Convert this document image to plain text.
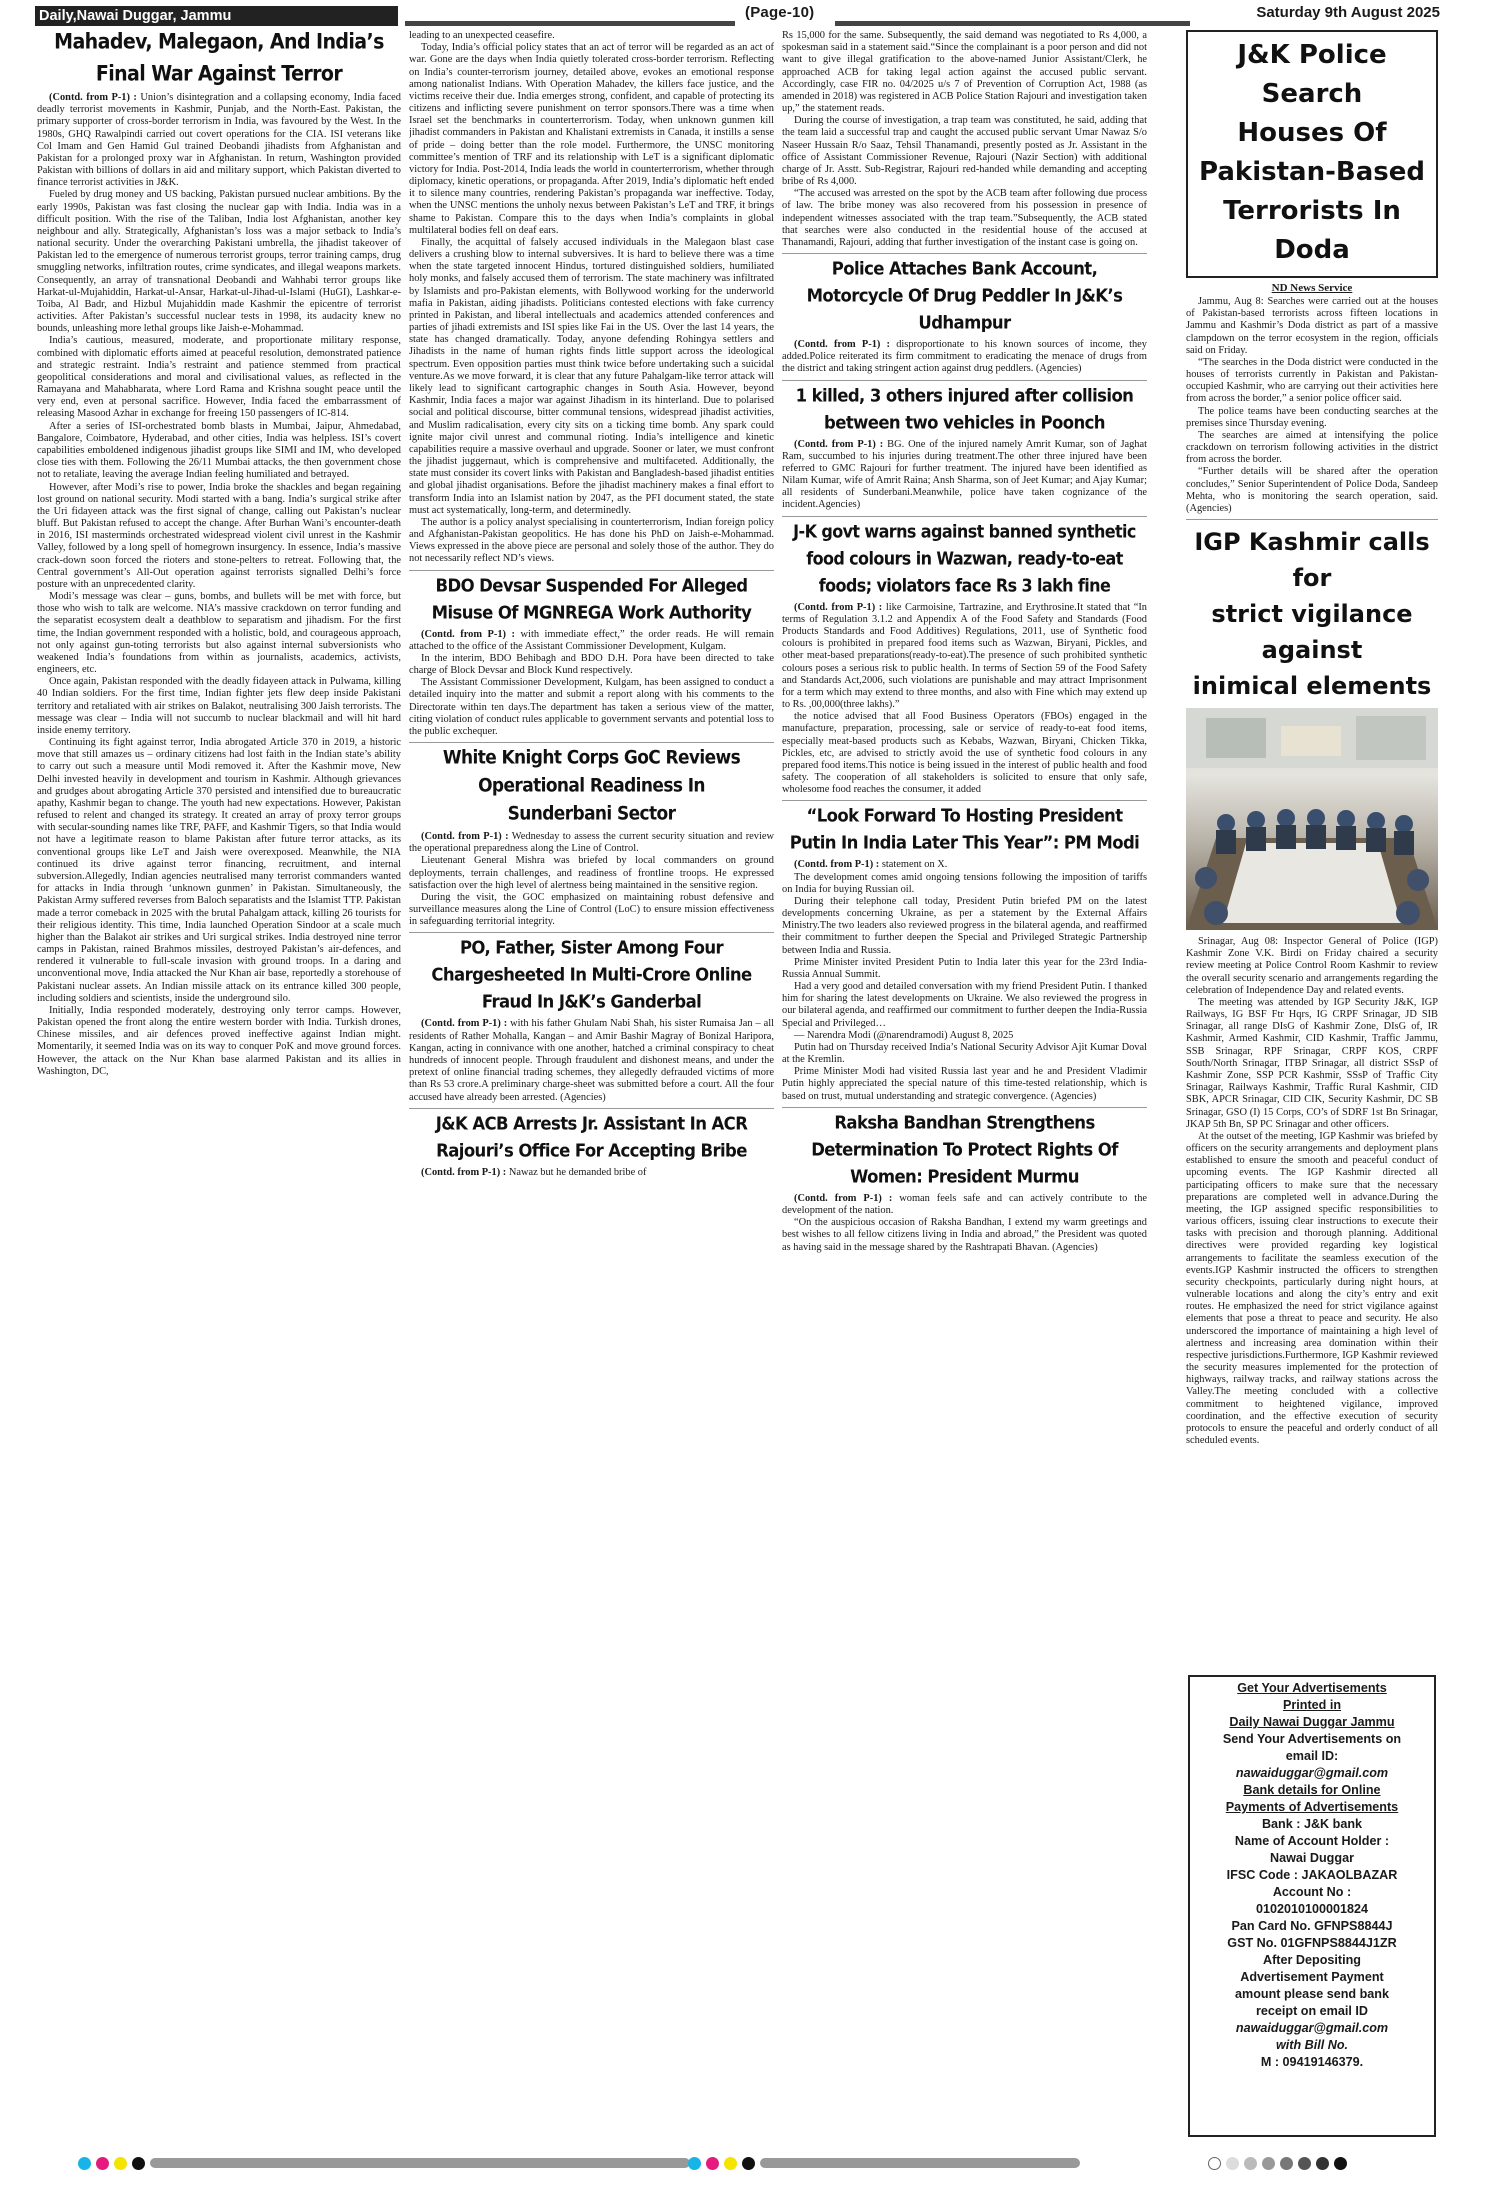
Daily,Nawai Duggar, Jammu	(Page-10)	Saturday 9th August 2025
Mahadev, Malegaon, And India’s
Final War Against Terror

(Contd. from P-1) : Union’s disintegration and a collapsing economy, India faced deadly terrorist movements in Kashmir, Punjab, and the North-East. Pakistan, the primary supporter of cross-border terrorism in India, was favoured by the West. In the 1980s, GHQ Rawalpindi carried out covert operations for the CIA. ISI veterans like Col Imam and Gen Hamid Gul trained Deobandi jihadists from Afghanistan and Pakistan for a prolonged proxy war in Afghanistan. In return, Washington provided Pakistan with billions of dollars in aid and military support, which Pakistan diverted to finance terrorist activities in J&K.

Fueled by drug money and US backing, Pakistan pursued nuclear ambitions. By the early 1990s, Pakistan was fast closing the nuclear gap with India. India was in a difficult position. With the rise of the Taliban, India lost Afghanistan, another key neighbour and ally. Strategically, Afghanistan’s loss was a major setback to India’s national security. Under the overarching Pakistani umbrella, the jihadist takeover of Pakistan led to the emergence of numerous terrorist groups, terror training camps, drug smuggling networks, infiltration routes, crime syndicates, and illegal weapons markets. Consequently, an array of transnational Deobandi and Wahhabi terror groups like Harkat-ul-Mujahiddin, Harkat-ul-Ansar, Harkat-ul-Jihad-ul-Islami (HuGI), Lashkar-e-Toiba, Al Badr, and Hizbul Mujahiddin made Kashmir the epicentre of terrorist activities. After Pakistan’s successful nuclear tests in 1998, its audacity knew no bounds, unleashing more lethal groups like Jaish-e-Mohammad.

India’s cautious, measured, moderate, and proportionate military response, combined with diplomatic efforts aimed at peaceful resolution, demonstrated patience and strategic restraint. India’s restraint and patience stemmed from practical geopolitical considerations and moral and civilisational values, as reflected in the Ramayana and Mahabharata, where Lord Rama and Krishna sought peace until the very end, even at personal sacrifice. However, India faced the embarrassment of releasing Masood Azhar in exchange for freeing 150 passengers of IC-814.

After a series of ISI-orchestrated bomb blasts in Mumbai, Jaipur, Ahmedabad, Bangalore, Coimbatore, Hyderabad, and other cities, India was helpless. ISI’s covert capabilities emboldened indigenous jihadist groups like SIMI and IM, who developed close ties with them. Following the 26/11 Mumbai attacks, the then government chose not to retaliate, leaving the average Indian feeling humiliated and betrayed.

However, after Modi’s rise to power, India broke the shackles and began regaining lost ground on national security. Modi started with a bang. India’s surgical strike after the Uri fidayeen attack was the first signal of change, calling out Pakistan’s nuclear bluff. But Pakistan refused to accept the change. After Burhan Wani’s encounter-death in 2016, ISI masterminds orchestrated widespread violent civil unrest in the Kashmir Valley, followed by a long spell of homegrown insurgency. In essence, India’s massive crack-down soon forced the rioters and stone-pelters to retreat. Following that, the Central government’s All-Out operation against terrorists signalled Delhi’s force posture with an unprecedented clarity.

Modi’s message was clear – guns, bombs, and bullets will be met with force, but those who wish to talk are welcome. NIA’s massive crackdown on terror funding and the separatist ecosystem dealt a deathblow to separatism and jihadism. For the first time, the Indian government responded with a holistic, bold, and courageous approach, not only against gun-toting terrorists but also against internal subversionists who weakened India’s foundations from within as journalists, academics, activists, engineers, etc.

Once again, Pakistan responded with the deadly fidayeen attack in Pulwama, killing 40 Indian soldiers. For the first time, Indian fighter jets flew deep inside Pakistani territory and retaliated with air strikes on Balakot, neutralising 300 Jaish terrorists. The message was clear – India will not succumb to nuclear blackmail and will hit hard inside enemy territory.

Continuing its fight against terror, India abrogated Article 370 in 2019, a historic move that still amazes us – ordinary citizens had lost faith in the Indian state’s ability to carry out such a measure until Modi removed it. After the Kashmir move, New Delhi invested heavily in development and tourism in Kashmir. Although grievances and grudges about abrogating Article 370 persisted and intensified due to bureaucratic apathy, Kashmir began to change. The youth had new expectations. However, Pakistan refused to relent and changed its strategy. It created an array of proxy terror groups with secular-sounding names like TRF, PAFF, and Kashmir Tigers, so that India would not have a legitimate reason to blame Pakistan after future terror attacks, as its conventional groups like LeT and Jaish were overexposed. Meanwhile, the NIA continued its drive against terror financing, recruitment, and internal subversion.Allegedly, Indian agencies neutralised many terrorist commanders wanted for attacks in India through ‘unknown gunmen’ in Pakistan. Simultaneously, the Pakistan Army suffered reverses from Baloch separatists and the Islamist TTP. Pakistan made a terror comeback in 2025 with the brutal Pahalgam attack, killing 26 tourists for their religious identity. This time, India launched Operation Sindoor at a scale much higher than the Balakot air strikes and Uri surgical strikes. India destroyed nine terror camps in Pakistan, rained Brahmos missiles, destroyed Pakistan’s air-defences, and rendered it vulnerable to full-scale invasion with ground troops. In a daring and unconventional move, India attacked the Nur Khan air base, reportedly a storehouse of Pakistani nuclear assets. An Indian missile attack on its entrance killed 300 people, including soldiers and scientists, inside the underground silo.

Initially, India responded moderately, destroying only terror camps. However, Pakistan opened the front along the entire western border with India. Turkish drones, Chinese missiles, and air defences proved ineffective against Indian might. Momentarily, it seemed India was on its way to conquer PoK and move ground forces. However, the attack on the Nur Khan base alarmed Pakistan and its allies in Washington, DC,

leading to an unexpected ceasefire.

Today, India’s official policy states that an act of terror will be regarded as an act of war. Gone are the days when India quietly tolerated cross-border terrorism. Reflecting on India’s counter-terrorism journey, detailed above, evokes an emotional response among nationalist Indians. With Operation Mahadev, the killers face justice, and the victims receive their due. India emerges strong, confident, and capable of protecting its citizens and inflicting severe punishment on terror sponsors.There was a time when Israel set the benchmarks in counterterrorism. Today, when unknown gunmen kill jihadist commanders in Pakistan and Khalistani extremists in Canada, it instills a sense of pride – doing better than the role model. Furthermore, the UNSC monitoring committee’s mention of TRF and its relationship with LeT is a significant diplomatic victory for India. Post-2014, India leads the world in counterterrorism, whether through diplomacy, kinetic operations, or propaganda. After 2019, India’s diplomatic heft ended it to silence many countries, rendering Pakistan’s propaganda war ineffective. Today, when the UNSC mentions the unholy nexus between Pakistan’s LeT and TRF, it brings shame to Pakistan. Compare this to the days when India’s complaints in global multilateral bodies fell on deaf ears.

Finally, the acquittal of falsely accused individuals in the Malegaon blast case delivers a crushing blow to internal subversives. It is hard to believe there was a time when the state targeted innocent Hindus, tortured distinguished soldiers, humiliated holy monks, and falsely accused them of terrorism. The state machinery was infiltrated by Islamists and pro-Pakistan elements, with Bollywood working for the underworld mafia in Pakistan, aiding jihadists. Politicians contested elections with fake currency printed in Pakistan, and liberal intellectuals and academics attended conferences and parties of jihadi extremists and ISI spies like Fai in the US. Over the last 14 years, the state has changed dramatically. Today, anyone defending Rohingya settlers and Jihadists in the name of human rights finds little support across the ideological spectrum. Even opposition parties must think twice before undertaking such a suicidal venture.As we move forward, it is clear that any future Pahalgam-like terror attack will likely lead to significant cartographic changes in South Asia. However, beyond Kashmir, India faces a major war against Jihadism in its hinterland. Due to polarised social and political discourse, bitter communal tensions, widespread jihadist activities, and Muslim radicalisation, every city sits on a ticking time bomb. Any spark could ignite major civil unrest and communal rioting. India’s intelligence and kinetic capabilities require a massive overhaul and upgrade. Sooner or later, we must confront the jihadist juggernaut, which is comprehensive and multifaceted. Additionally, the state must consider its covert links with Pakistan and Bangladesh-based jihadist entities and global jihadist organisations. Before the jihadist machinery makes a final effort to transform India into an Islamist nation by 2047, as the PFI document stated, the state must act systematically, long-term, and determinedly.

The author is a policy analyst specialising in counterterrorism, Indian foreign policy and Afghanistan-Pakistan geopolitics. He has done his PhD on Jaish-e-Mohammad. Views expressed in the above piece are personal and solely those of the author. They do not necessarily reflect ND’s views.

BDO Devsar Suspended For Alleged
Misuse Of MGNREGA Work Authority

(Contd. from P-1) : with immediate effect,” the order reads. He will remain attached to the office of the Assistant Commissioner Development, Kulgam.

In the interim, BDO Behibagh and BDO D.H. Pora have been directed to take charge of Block Devsar and Block Kund respectively.

The Assistant Commissioner Development, Kulgam, has been assigned to conduct a detailed inquiry into the matter and submit a report along with his comments to the Directorate within ten days.The department has taken a serious view of the matter, citing violation of conduct rules applicable to government servants and potential loss to the public exchequer.

White Knight Corps GoC Reviews
Operational Readiness In
Sunderbani Sector

(Contd. from P-1) : Wednesday to assess the current security situation and review the operational preparedness along the Line of Control.

Lieutenant General Mishra was briefed by local commanders on ground deployments, terrain challenges, and readiness of frontline troops. He expressed satisfaction over the high level of alertness being maintained in the sensitive region.

During the visit, the GOC emphasized on maintaining robust defensive and surveillance measures along the Line of Control (LoC) to ensure mission effectiveness in safeguarding territorial integrity.

PO, Father, Sister Among Four
Chargesheeted In Multi-Crore Online
Fraud In J&K’s Ganderbal

(Contd. from P-1) : with his father Ghulam Nabi Shah, his sister Rumaisa Jan – all residents of Rather Mohalla, Kangan – and Amir Bashir Magray of Bonizal Haripora, Kangan, acting in connivance with one another, hatched a criminal conspiracy to cheat hundreds of innocent people. Through fraudulent and dishonest means, and under the pretext of online financial trading schemes, they allegedly defrauded victims of more than Rs 53 crore.A preliminary charge-sheet was submitted before a court. All the four accused have already been arrested. (Agencies)

J&K ACB Arrests Jr. Assistant In ACR
Rajouri’s Office For Accepting Bribe

(Contd. from P-1) : Nawaz but he demanded bribe of

Rs 15,000 for the same. Subsequently, the said demand was negotiated to Rs 4,000, a spokesman said in a statement said.“Since the complainant is a poor person and did not want to give illegal gratification to the above-named Junior Assistant/Clerk, he approached ACB for taking legal action against the accused public servant. Accordingly, case FIR no. 04/2025 u/s 7 of Prevention of Corruption Act, 1988 (as amended in 2018) was registered in ACB Police Station Rajouri and investigation taken up,” the statement reads.

During the course of investigation, a trap team was constituted, he said, adding that the team laid a successful trap and caught the accused public servant Umar Nawaz S/o Naseer Hussain R/o Saaz, Tehsil Thanamandi, presently posted as Jr. Assistant in the office of Assistant Commissioner Revenue, Rajouri (Nazir Section) with additional charge of Jr. Asstt. Sub-Registrar, Rajouri red-handed while demanding and accepting bribe of Rs 4,000.

“The accused was arrested on the spot by the ACB team after following due process of law. The bribe money was also recovered from his possession in presence of independent witnesses associated with the trap team.”Subsequently, the ACB stated that searches were also conducted in the residential house of the accused at Thanamandi, Rajouri, adding that further investigation of the instant case is going on.

Police Attaches Bank Account,
Motorcycle Of Drug Peddler In J&K’s
Udhampur

(Contd. from P-1) : disproportionate to his known sources of income, they added.Police reiterated its firm commitment to eradicating the menace of drugs from the district and taking stringent action against drug peddlers. (Agencies)

1 killed, 3 others injured after collision
between two vehicles in Poonch

(Contd. from P-1) : BG. One of the injured namely Amrit Kumar, son of Jaghat Ram, succumbed to his injuries during treatment.The other three injured have been referred to GMC Rajouri for further treatment. The injured have been identified as Nilam Kumar, wife of Amrit Raina; Ansh Sharma, son of Jeet Kumar; and Ajay Kumar; all residents of Sunderbani.Meanwhile, police have taken cognizance of the incident.Agencies)

J-K govt warns against banned synthetic
food colours in Wazwan, ready-to-eat
foods; violators face Rs 3 lakh fine

(Contd. from P-1) : like Carmoisine, Tartrazine, and Erythrosine.It stated that “In terms of Regulation 3.1.2 and Appendix A of the Food Safety and Standards (Food Products Standards and Food Additives) Regulations, 2011, use of Synthetic food colours is prohibited in prepared food items such as Wazwan, Biryani, Pickles, and other meat-based preparations(ready-to-eat).The presence of such prohibited synthetic colours poses a serious risk to public health. In terms of Section 59 of the Food Safety and Standards Act,2006, such violations are punishable and may attract Imprisonment for a term which may extend to three months, and also with Fine which may extend up to Rs. ,00,000(three lakhs).”

the notice advised that all Food Business Operators (FBOs) engaged in the manufacture, preparation, processing, sale or service of ready-to-eat food items, especially meat-based products such as Kebabs, Wazwan, Biryani, Chicken Tikka, Pickles, etc, are advised to strictly avoid the use of synthetic food colours in any prepared food items.This notice is being issued in the interest of public health and food safety. The cooperation of all stakeholders is solicited to ensure that only safe, wholesome food reaches the consumer, it added

“Look Forward To Hosting President
Putin In India Later This Year”: PM Modi

(Contd. from P-1) : statement on X.

The development comes amid ongoing tensions following the imposition of tariffs on India for buying Russian oil.

During their telephone call today, President Putin briefed PM on the latest developments concerning Ukraine, as per a statement by the External Affairs Ministry.The two leaders also reviewed progress in the bilateral agenda, and reaffirmed their commitment to further deepen the Special and Privileged Strategic Partnership between India and Russia.

Prime Minister invited President Putin to India later this year for the 23rd India-Russia Annual Summit.

Had a very good and detailed conversation with my friend President Putin. I thanked him for sharing the latest developments on Ukraine. We also reviewed the progress in our bilateral agenda, and reaffirmed our commitment to further deepen the India-Russia Special and Privileged…

— Narendra Modi (@narendramodi) August 8, 2025

Putin had on Thursday received India’s National Security Advisor Ajit Kumar Doval at the Kremlin.

Prime Minister Modi had visited Russia last year and he and President Vladimir Putin highly appreciated the special nature of this time-tested relationship, which is based on trust, mutual understanding and strategic convergence. (Agencies)

Raksha Bandhan Strengthens
Determination To Protect Rights Of
Women: President Murmu

(Contd. from P-1) : woman feels safe and can actively contribute to the development of the nation.

“On the auspicious occasion of Raksha Bandhan, I extend my warm greetings and best wishes to all fellow citizens living in India and abroad,” the President was quoted as having said in the message shared by the Rashtrapati Bhavan. (Agencies)

J&K Police Search
Houses Of
Pakistan-Based
Terrorists In Doda
ND News Service

Jammu, Aug 8: Searches were carried out at the houses of Pakistan-based terrorists across fifteen locations in Jammu and Kashmir’s Doda district as part of a massive clampdown on the terror ecosystem in the region, officials said on Friday.

“The searches in the Doda district were conducted in the houses of terrorists currently in Pakistan and Pakistan-occupied Kashmir, who are carrying out their activities here from across the border,” a senior police officer said.

The police teams have been conducting searches at the premises since Thursday evening.

The searches are aimed at intensifying the police crackdown on terrorism following activities in the district from across the border.

“Further details will be shared after the operation concludes,” Senior Superintendent of Police Doda, Sandeep Mehta, who is monitoring the search operation, said. (Agencies)

IGP Kashmir calls for
strict vigilance against
inimical elements

Srinagar, Aug 08: Inspector General of Police (IGP) Kashmir Zone V.K. Birdi on Friday chaired a security review meeting at Police Control Room Kashmir to review the overall security scenario and arrangements regarding the celebration of Independence Day and related events.

The meeting was attended by IGP Security J&K, IGP Railways, IG BSF Ftr Hqrs, IG CRPF Srinagar, JD SIB Srinagar, all range DIsG of Kashmir Zone, DIsG of, IR Kashmir, Armed Kashmir, CID Kashmir, Traffic Jammu, SSB Srinagar, RPF Srinagar, CRPF KOS, CRPF South/North Srinagar, ITBP Srinagar, all district SSsP of Kashmir Zone, SSP PCR Kashmir, SSsP of Traffic City Srinagar, Railways Kashmir, Traffic Rural Kashmir, CID SBK, APCR Srinagar, CID CIK, Security Kashmir, DC SB Srinagar, GSO (I) 15 Corps, CO’s of SDRF 1st Bn Srinagar, JKAP 5th Bn, SP PC Srinagar and other officers.

At the outset of the meeting, IGP Kashmir was briefed by officers on the security arrangements and deployment plans established to ensure the smooth and peaceful conduct of upcoming events. The IGP Kashmir directed all participating officers to make sure that the necessary preparations are completed well in advance.During the meeting, the IGP assigned specific responsibilities to various officers, issuing clear instructions to execute their tasks with precision and thorough planning. Additional directives were provided regarding key logistical arrangements to facilitate the seamless execution of the events.IGP Kashmir instructed the officers to strengthen security checkpoints, particularly during night hours, at vulnerable locations and along the city’s entry and exit routes. He emphasized the need for strict vigilance against elements that pose a threat to peace and security. He also underscored the importance of maintaining a high level of alertness and increasing area domination within their respective jurisdictions.Furthermore, IGP Kashmir reviewed the security measures implemented for the protection of highways, railway tracks, and railway stations across the Valley.The meeting concluded with a collective commitment to heightened vigilance, improved coordination, and the effective execution of security protocols to ensure the peaceful and orderly conduct of all scheduled events.

Get Your Advertisements
Printed in
Daily Nawai Duggar Jammu
Send Your Advertisements on
email ID:
nawaiduggar@gmail.com
Bank details for Online
Payments of Advertisements
Bank : J&K bank
Name of Account Holder :
Nawai Duggar
IFSC Code : JAKAOLBAZAR
Account No :
0102010100001824
Pan Card No. GFNPS8844J
GST No. 01GFNPS8844J1ZR
After Depositing
Advertisement Payment
amount please send bank
receipt on email ID
nawaiduggar@gmail.com
with Bill No.
M : 09419146379.
